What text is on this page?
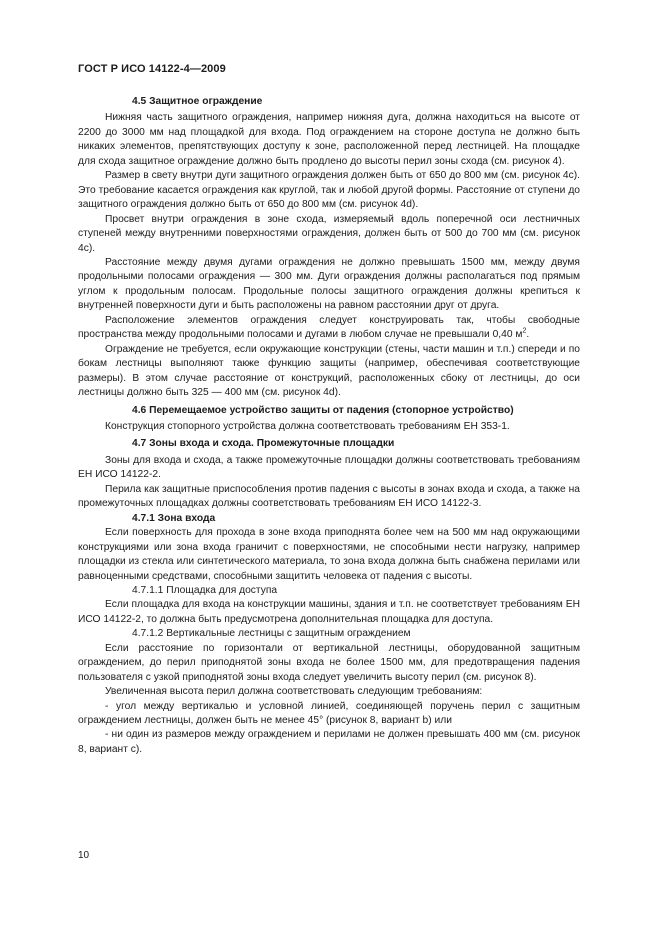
ГОСТ Р ИСО 14122-4—2009

4.5 Защитное ограждение

Нижняя часть защитного ограждения, например нижняя дуга, должна находиться на высоте от 2200 до 3000 мм над площадкой для входа. Под ограждением на стороне доступа не должно быть никаких элементов, препятствующих доступу к зоне, расположенной перед лестницей. На площадке для схода защитное ограждение должно быть продлено до высоты перил зоны схода (см. рисунок 4).

Размер в свету внутри дуги защитного ограждения должен быть от 650 до 800 мм (см. рисунок 4с). Это требование касается ограждения как круглой, так и любой другой формы. Расстояние от ступени до защитного ограждения должно быть от 650 до 800 мм (см. рисунок 4d).

Просвет внутри ограждения в зоне схода, измеряемый вдоль поперечной оси лестничных ступеней между внутренними поверхностями ограждения, должен быть от 500 до 700 мм (см. рисунок 4с).

Расстояние между двумя дугами ограждения не должно превышать 1500 мм, между двумя продольными полосами ограждения — 300 мм. Дуги ограждения должны располагаться под прямым углом к продольным полосам. Продольные полосы защитного ограждения должны крепиться к внутренней поверхности дуги и быть расположены на равном расстоянии друг от друга.

Расположение элементов ограждения следует конструировать так, чтобы свободные пространства между продольными полосами и дугами в любом случае не превышали 0,40 $м^2$.

Ограждение не требуется, если окружающие конструкции (стены, части машин и т.п.) спереди и по бокам лестницы выполняют также функцию защиты (например, обеспечивая соответствующие размеры). В этом случае расстояние от конструкций, расположенных сбоку от лестницы, до оси лестницы должно быть 325 — 400 мм (см. рисунок 4d).

4.6 Перемещаемое устройство защиты от падения (стопорное устройство)

Конструкция стопорного устройства должна соответствовать требованиям ЕН 353-1.

4.7 Зоны входа и схода. Промежуточные площадки

Зоны для входа и схода, а также промежуточные площадки должны соответствовать требованиям ЕН ИСО 14122-2.

Перила как защитные приспособления против падения с высоты в зонах входа и схода, а также на промежуточных площадках должны соответствовать требованиям ЕН ИСО 14122-3.

4.7.1 Зона входа

Если поверхность для прохода в зоне входа приподнята более чем на 500 мм над окружающими конструкциями или зона входа граничит с поверхностями, не способными нести нагрузку, например площадки из стекла или синтетического материала, то зона входа должна быть снабжена перилами или равноценными средствами, способными защитить человека от падения с высоты.

4.7.1.1 Площадка для доступа

Если площадка для входа на конструкции машины, здания и т.п. не соответствует требованиям ЕН ИСО 14122-2, то должна быть предусмотрена дополнительная площадка для доступа.

4.7.1.2 Вертикальные лестницы с защитным ограждением

Если расстояние по горизонтали от вертикальной лестницы, оборудованной защитным ограждением, до перил приподнятой зоны входа не более 1500 мм, для предотвращения падения пользователя с узкой приподнятой зоны входа следует увеличить высоту перил (см. рисунок 8).

Увеличенная высота перил должна соответствовать следующим требованиям:

- угол между вертикалью и условной линией, соединяющей поручень перил с защитным ограждением лестницы, должен быть не менее 45° (рисунок 8, вариант b) или

- ни один из размеров между ограждением и перилами не должен превышать 400 мм (см. рисунок 8, вариант с).

10
